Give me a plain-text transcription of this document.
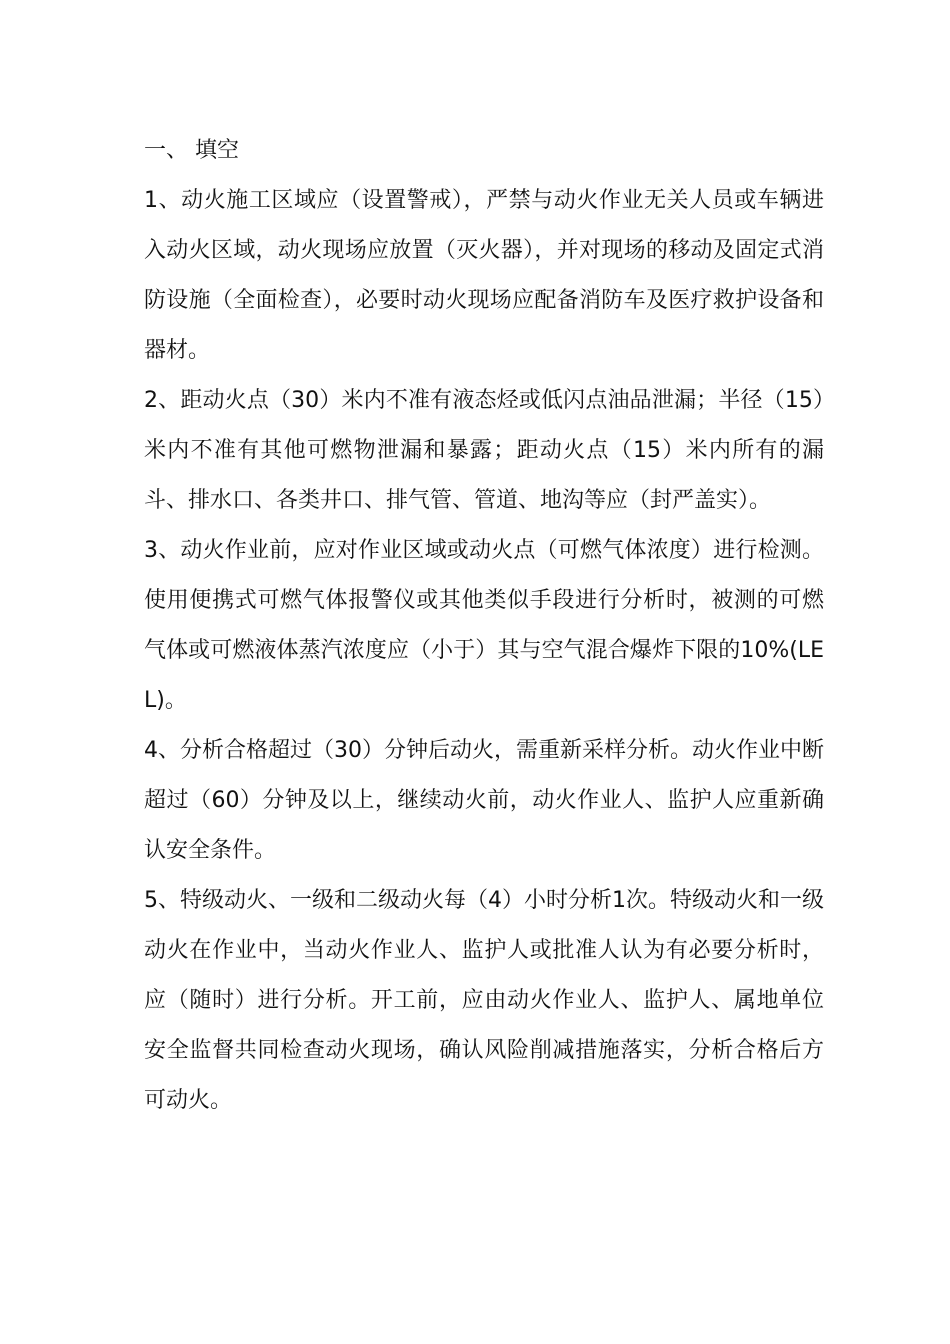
一、 填空

1、动火施工区域应（设置警戒），严禁与动火作业无关人员或车辆进入动火区域，动火现场应放置（灭火器），并对现场的移动及固定式消防设施（全面检查），必要时动火现场应配备消防车及医疗救护设备和器材。

2、距动火点（30）米内不准有液态烃或低闪点油品泄漏；半径（15）米内不准有其他可燃物泄漏和暴露；距动火点（15）米内所有的漏斗、排水口、各类井口、排气管、管道、地沟等应（封严盖实）。

3、动火作业前，应对作业区域或动火点（可燃气体浓度）进行检测。使用便携式可燃气体报警仪或其他类似手段进行分析时，被测的可燃气体或可燃液体蒸汽浓度应（小于）其与空气混合爆炸下限的10%(LEL)。

4、分析合格超过（30）分钟后动火，需重新采样分析。动火作业中断超过（60）分钟及以上，继续动火前，动火作业人、监护人应重新确认安全条件。

5、特级动火、一级和二级动火每（4）小时分析1次。特级动火和一级动火在作业中，当动火作业人、监护人或批准人认为有必要分析时，应（随时）进行分析。开工前，应由动火作业人、监护人、属地单位安全监督共同检查动火现场，确认风险削减措施落实，分析合格后方可动火。
